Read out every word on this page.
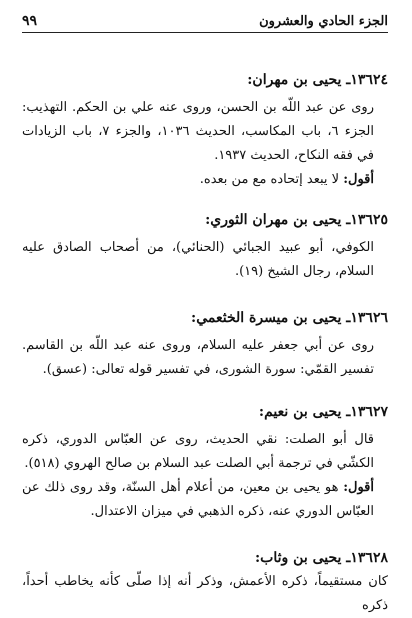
الجزء الحادي والعشرون
٩٩
١٣٦٢٤ـ يحيى بن مهران:

روى عن عبد اللّه بن الحسن، وروى عنه علي بن الحكم. التهذيب: الجزء ٦، باب المكاسب، الحديث ١٠٣٦، والجزء ٧، باب الزيادات في فقه النكاح، الحديث ١٩٣٧.

أقول: لا يبعد إتحاده مع من بعده.

١٣٦٢٥ـ يحيى بن مهران الثوري:

الكوفي، أبو عبيد الجبائي (الحنائي)، من أصحاب الصادق عليه السلام، رجال الشيخ (١٩).

١٣٦٢٦ـ يحيى بن ميسرة الخثعمي:

روى عن أبي جعفر عليه السلام، وروى عنه عبد اللّه بن القاسم. تفسير القمّي: سورة الشورى، في تفسير قوله تعالى: (عسق).

١٣٦٢٧ـ يحيى بن نعيم:

قال أبو الصلت: نقي الحديث، روى عن العبّاس الدوري، ذكره الكشّي في ترجمة أبي الصلت عبد السلام بن صالح الهروي (٥١٨).

أقول: هو يحيى بن معين، من أعلام أهل السنّة، وقد روى ذلك عن العبّاس الدوري عنه، ذكره الذهبي في ميزان الاعتدال.

١٣٦٢٨ـ يحيى بن وثاب:

كان مستقيماً، ذكره الأعمش، وذكر أنه إذا صلّى كأنه يخاطب أحداً، ذكره
